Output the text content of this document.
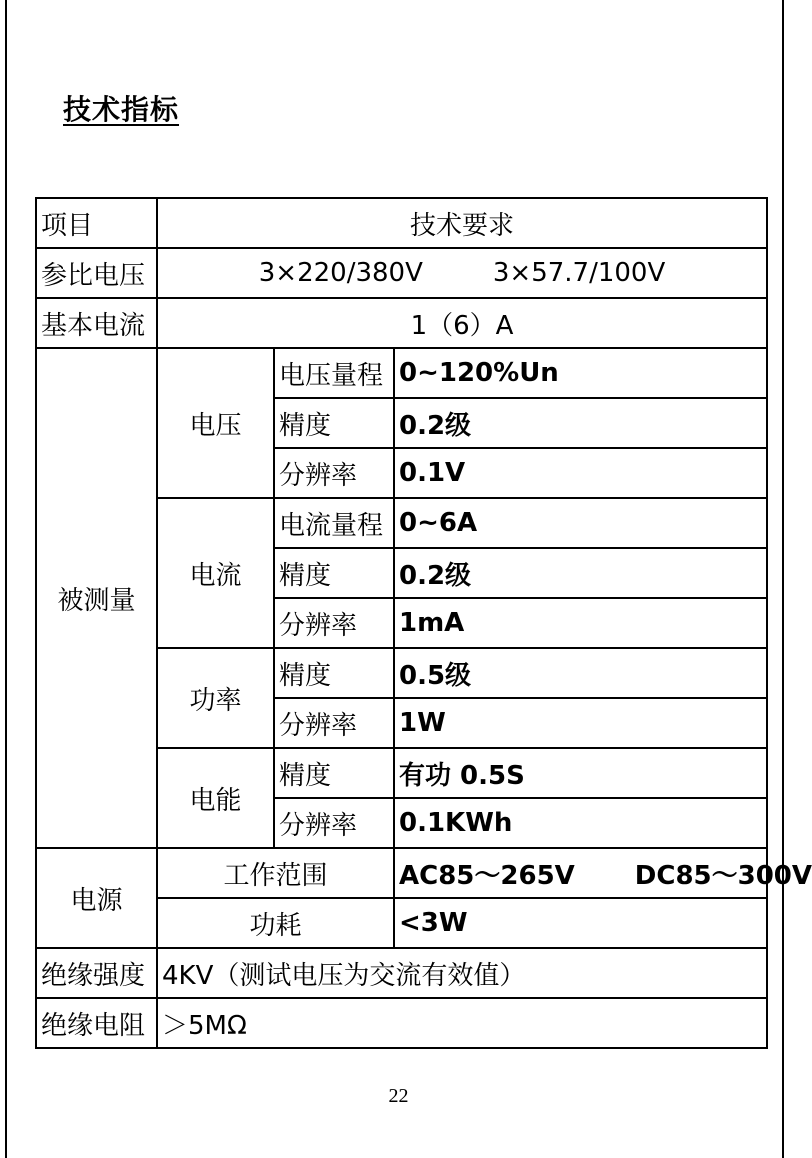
技术指标
项目	技术要求		
参比电压	3×220/380V 3×57.7/100V		
基本电流	1（6）A		
被测量	电压	电压量程	0~120%Un
		精度	0.2级
		分辨率	0.1V
	电流	电流量程	0~6A
		精度	0.2级
		分辨率	1mA
	功率	精度	0.5级
		分辨率	1W
	电能	精度	有功 0.5S
		分辨率	0.1KWh
电源	工作范围		AC85～265V DC85～300V
	功耗		<3W
绝缘强度	4KV（测试电压为交流有效值）		
绝缘电阻	＞5MΩ		
22
